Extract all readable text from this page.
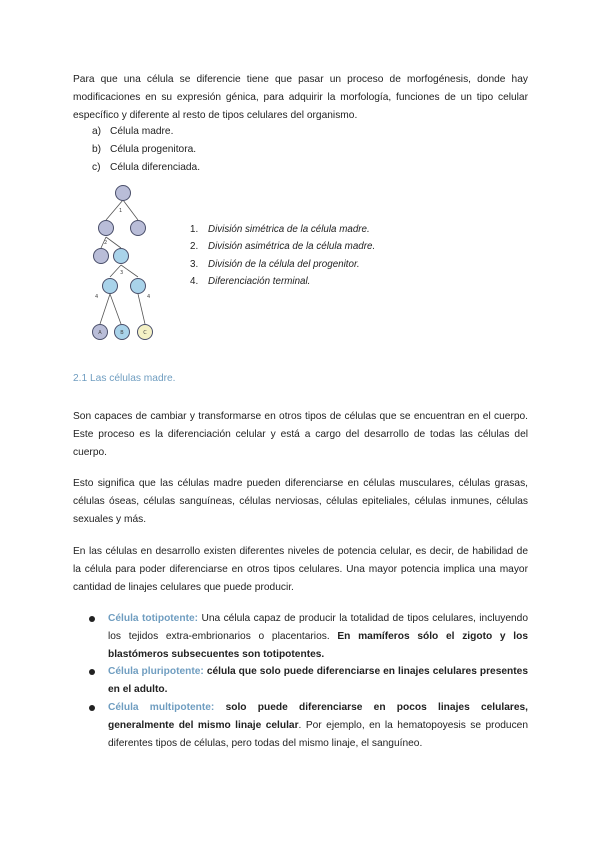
Para que una célula se diferencie tiene que pasar un proceso de morfogénesis, donde hay modificaciones en su expresión génica, para adquirir la morfología, funciones de un tipo celular específico y diferente al resto de tipos celulares del organismo.

a) Célula madre.
b) Célula progenitora.
c) Célula diferenciada.
1
2
3
4	4
A	B	C
1.	División simétrica de la célula madre.
2.	División asimétrica de la célula madre.
3.	División de la célula del progenitor.
4.	Diferenciación terminal.
2.1 Las células madre.

Son capaces de cambiar y transformarse en otros tipos de células que se encuentran en el cuerpo. Este proceso es la diferenciación celular y está a cargo del desarrollo de todas las células del cuerpo.

Esto significa que las células madre pueden diferenciarse en células musculares, células grasas, células óseas, células sanguíneas, células nerviosas, células epiteliales, células inmunes, células sexuales y más.

En las células en desarrollo existen diferentes niveles de potencia celular, es decir, de habilidad de la célula para poder diferenciarse en otros tipos celulares. Una mayor potencia implica una mayor cantidad de linajes celulares que puede producir.

Célula totipotente: Una célula capaz de producir la totalidad de tipos celulares, incluyendo los tejidos extra-embrionarios o placentarios. En mamíferos sólo el zigoto y los blastómeros subsecuentes son totipotentes.
Célula pluripotente: célula que solo puede diferenciarse en linajes celulares presentes en el adulto.
Célula multipotente: solo puede diferenciarse en pocos linajes celulares, generalmente del mismo linaje celular. Por ejemplo, en la hematopoyesis se producen diferentes tipos de células, pero todas del mismo linaje, el sanguíneo.
